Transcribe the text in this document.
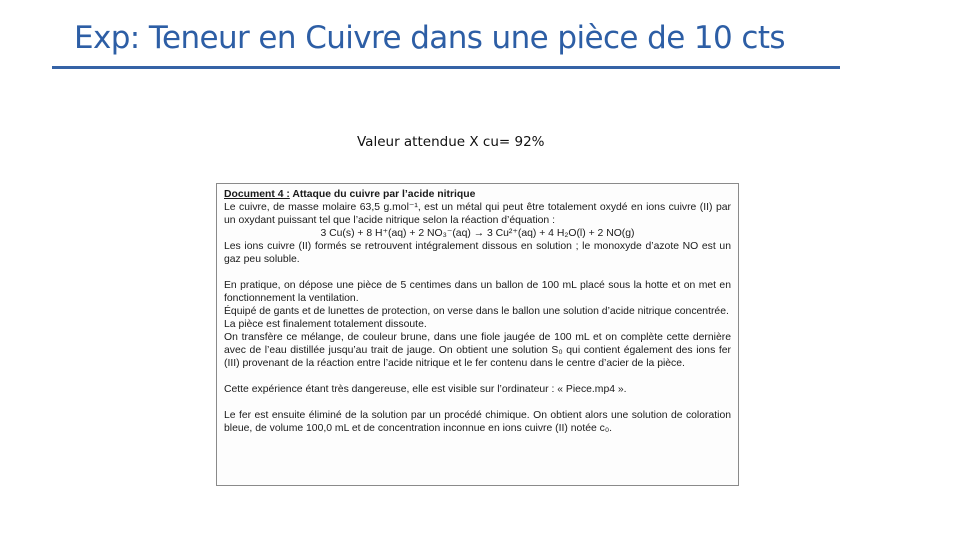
Exp: Teneur en Cuivre dans une pièce de 10 cts
Valeur attendue X cu= 92%
Document 4 : Attaque du cuivre par l’acide nitrique
Le cuivre, de masse molaire 63,5 g.mol⁻¹, est un métal qui peut être totalement oxydé en ions cuivre (II) par un oxydant puissant tel que l’acide nitrique selon la réaction d’équation :
3 Cu(s) + 8 H⁺(aq) + 2 NO₃⁻(aq) → 3 Cu²⁺(aq) + 4 H₂O(l) + 2 NO(g)
Les ions cuivre (II) formés se retrouvent intégralement dissous en solution ; le monoxyde d’azote NO est un gaz peu soluble.
En pratique, on dépose une pièce de 5 centimes dans un ballon de 100 mL placé sous la hotte et on met en fonctionnement la ventilation.
Équipé de gants et de lunettes de protection, on verse dans le ballon une solution d’acide nitrique concentrée.
La pièce est finalement totalement dissoute.
On transfère ce mélange, de couleur brune, dans une fiole jaugée de 100 mL et on complète cette dernière avec de l’eau distillée jusqu’au trait de jauge. On obtient une solution S₀ qui contient également des ions fer (III) provenant de la réaction entre l’acide nitrique et le fer contenu dans le centre d’acier de la pièce.
Cette expérience étant très dangereuse, elle est visible sur l’ordinateur : « Piece.mp4 ».
Le fer est ensuite éliminé de la solution par un procédé chimique. On obtient alors une solution de coloration bleue, de volume 100,0 mL et de concentration inconnue en ions cuivre (II) notée c₀.
